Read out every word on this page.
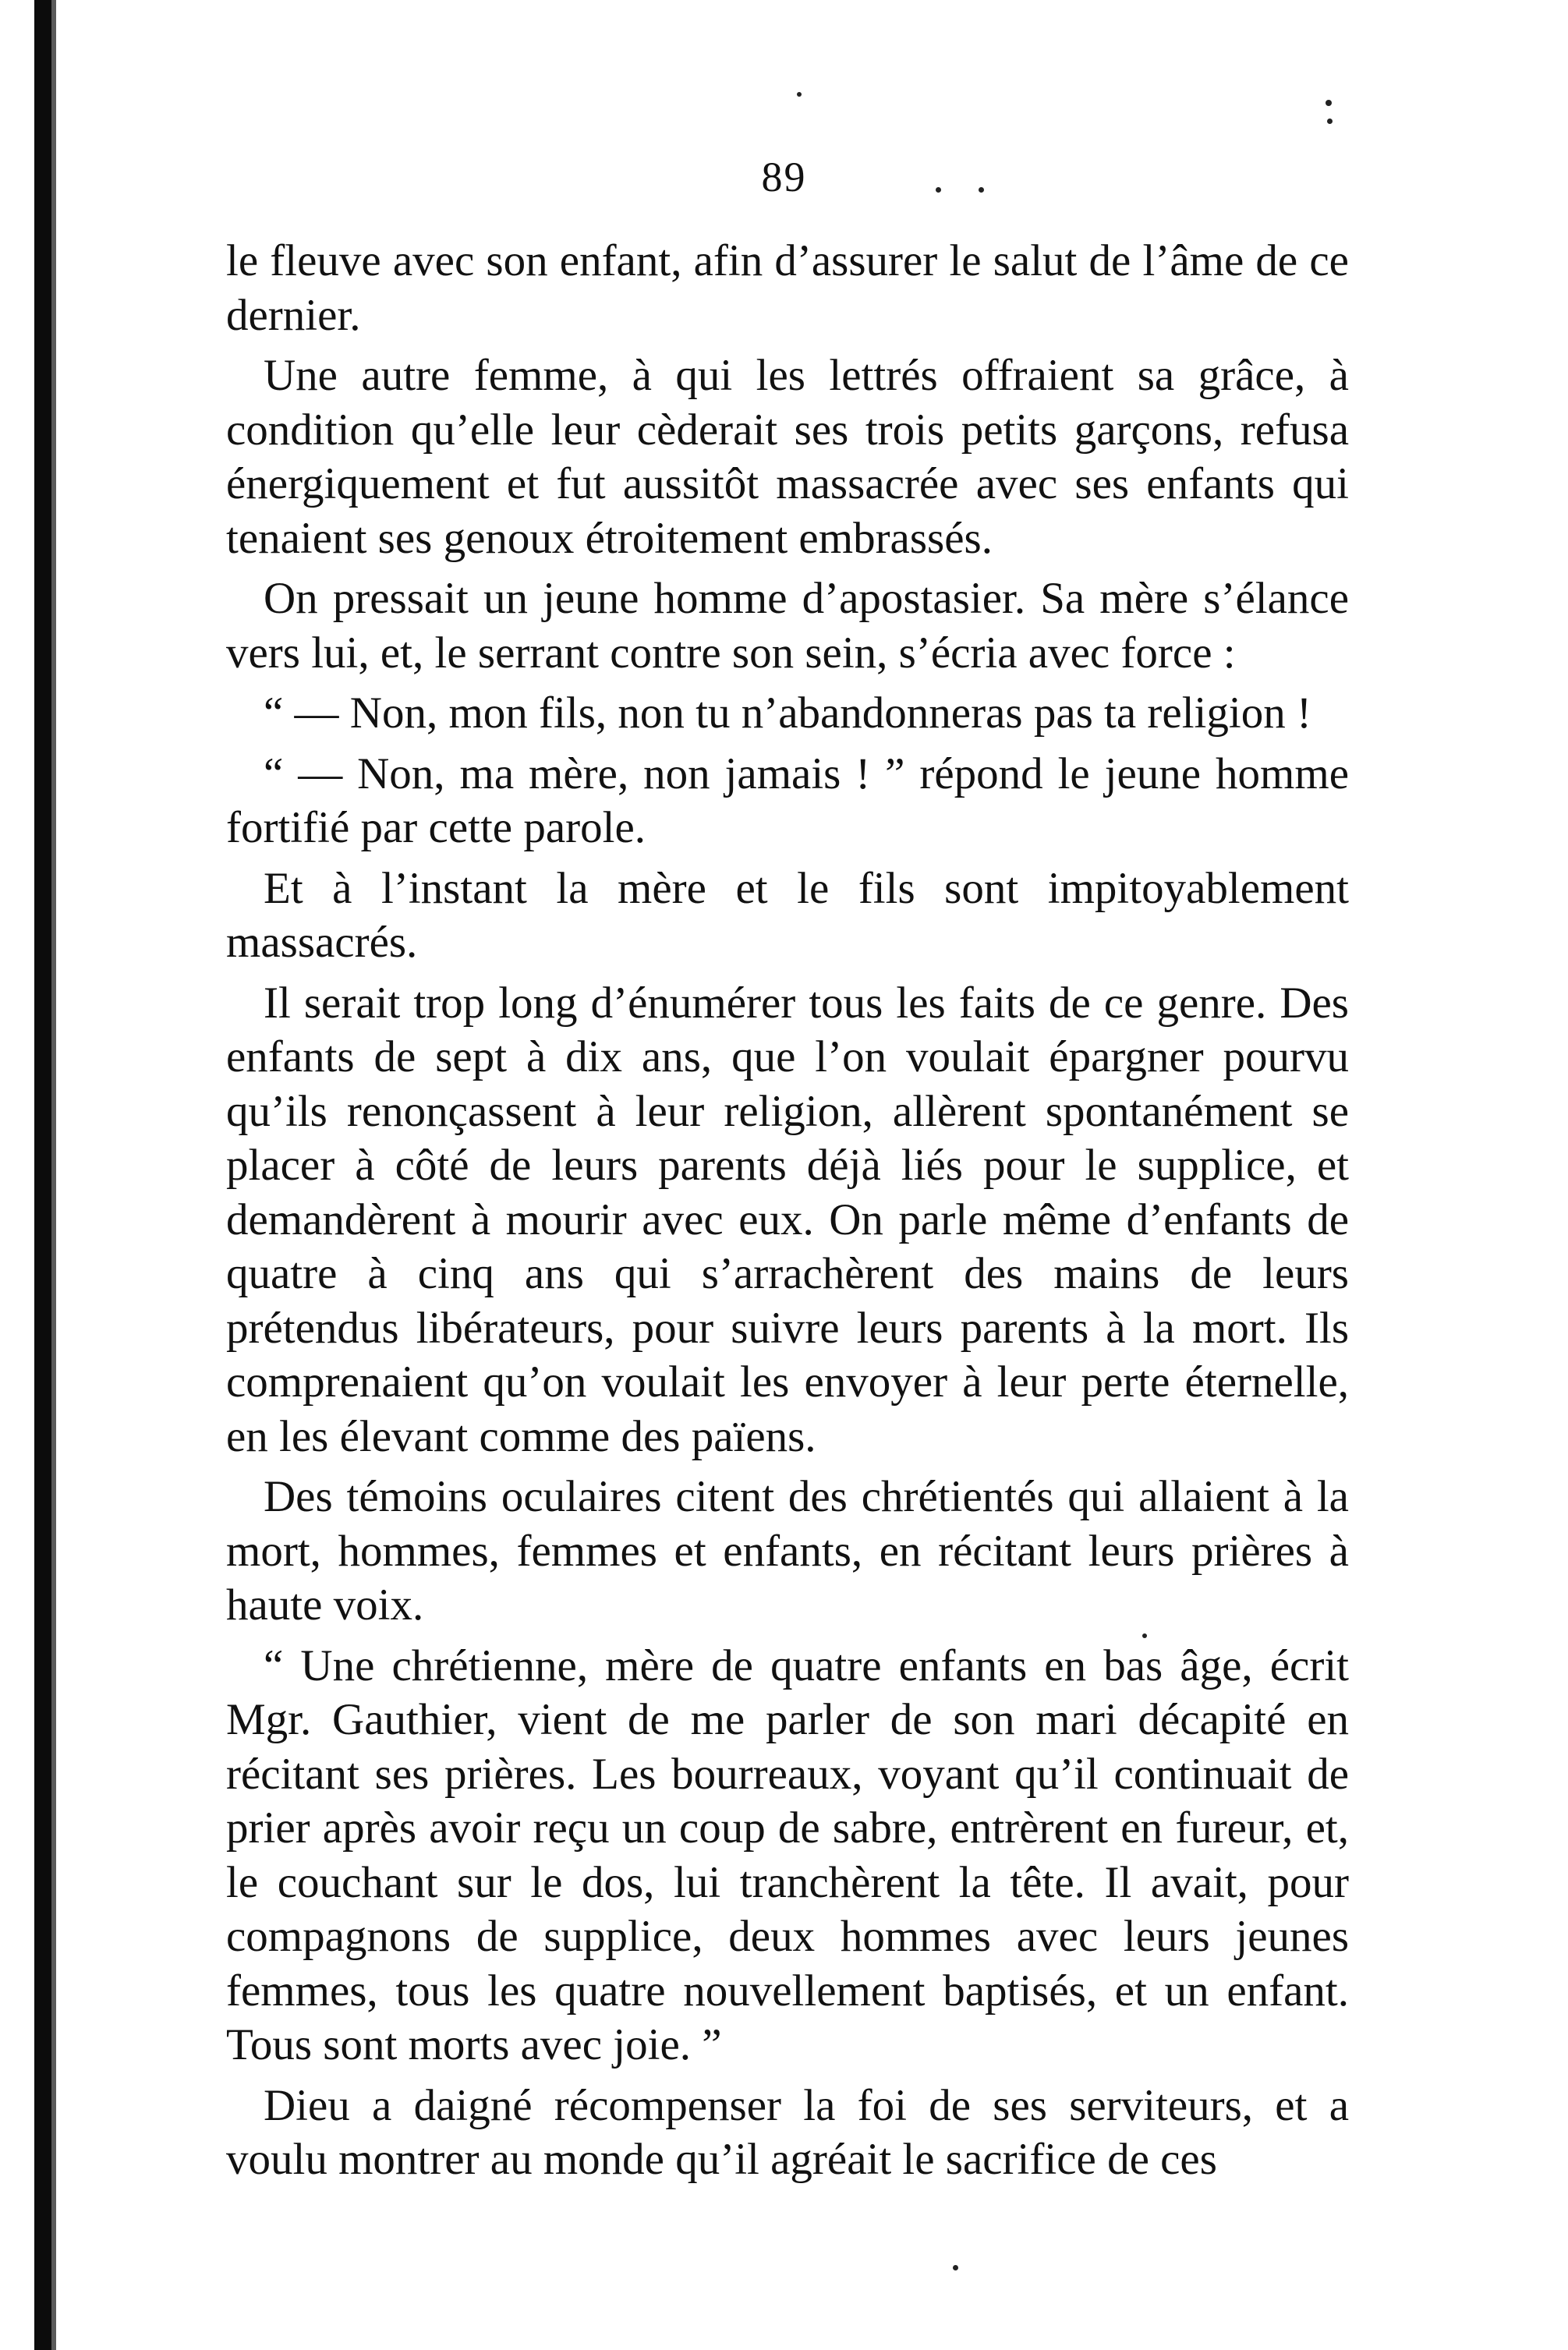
89

le fleuve avec son enfant, afin d’assurer le salut de l’âme de ce dernier.

Une autre femme, à qui les lettrés offraient sa grâce, à condition qu’elle leur cèderait ses trois petits garçons, refusa énergiquement et fut aussitôt massacrée avec ses enfants qui tenaient ses genoux étroitement embrassés.

On pressait un jeune homme d’apostasier. Sa mère s’élance vers lui, et, le serrant contre son sein, s’écria avec force :

“ — Non, mon fils, non tu n’abandonneras pas ta religion !

“ — Non, ma mère, non jamais ! ” répond le jeune homme fortifié par cette parole.

Et à l’instant la mère et le fils sont impitoyablement massacrés.

Il serait trop long d’énumérer tous les faits de ce genre. Des enfants de sept à dix ans, que l’on voulait épargner pourvu qu’ils renonçassent à leur religion, allèrent spontanément se placer à côté de leurs parents déjà liés pour le supplice, et demandèrent à mourir avec eux. On parle même d’enfants de quatre à cinq ans qui s’arrachèrent des mains de leurs prétendus libérateurs, pour suivre leurs parents à la mort. Ils comprenaient qu’on voulait les envoyer à leur perte éternelle, en les élevant comme des païens.

Des témoins oculaires citent des chrétientés qui allaient à la mort, hommes, femmes et enfants, en récitant leurs prières à haute voix.

“ Une chrétienne, mère de quatre enfants en bas âge, écrit Mgr. Gauthier, vient de me parler de son mari décapité en récitant ses prières. Les bourreaux, voyant qu’il continuait de prier après avoir reçu un coup de sabre, entrèrent en fureur, et, le couchant sur le dos, lui tranchèrent la tête. Il avait, pour compagnons de supplice, deux hommes avec leurs jeunes femmes, tous les quatre nouvellement baptisés, et un enfant. Tous sont morts avec joie. ”

Dieu a daigné récompenser la foi de ses serviteurs, et a voulu montrer au monde qu’il agréait le sacrifice de ces
